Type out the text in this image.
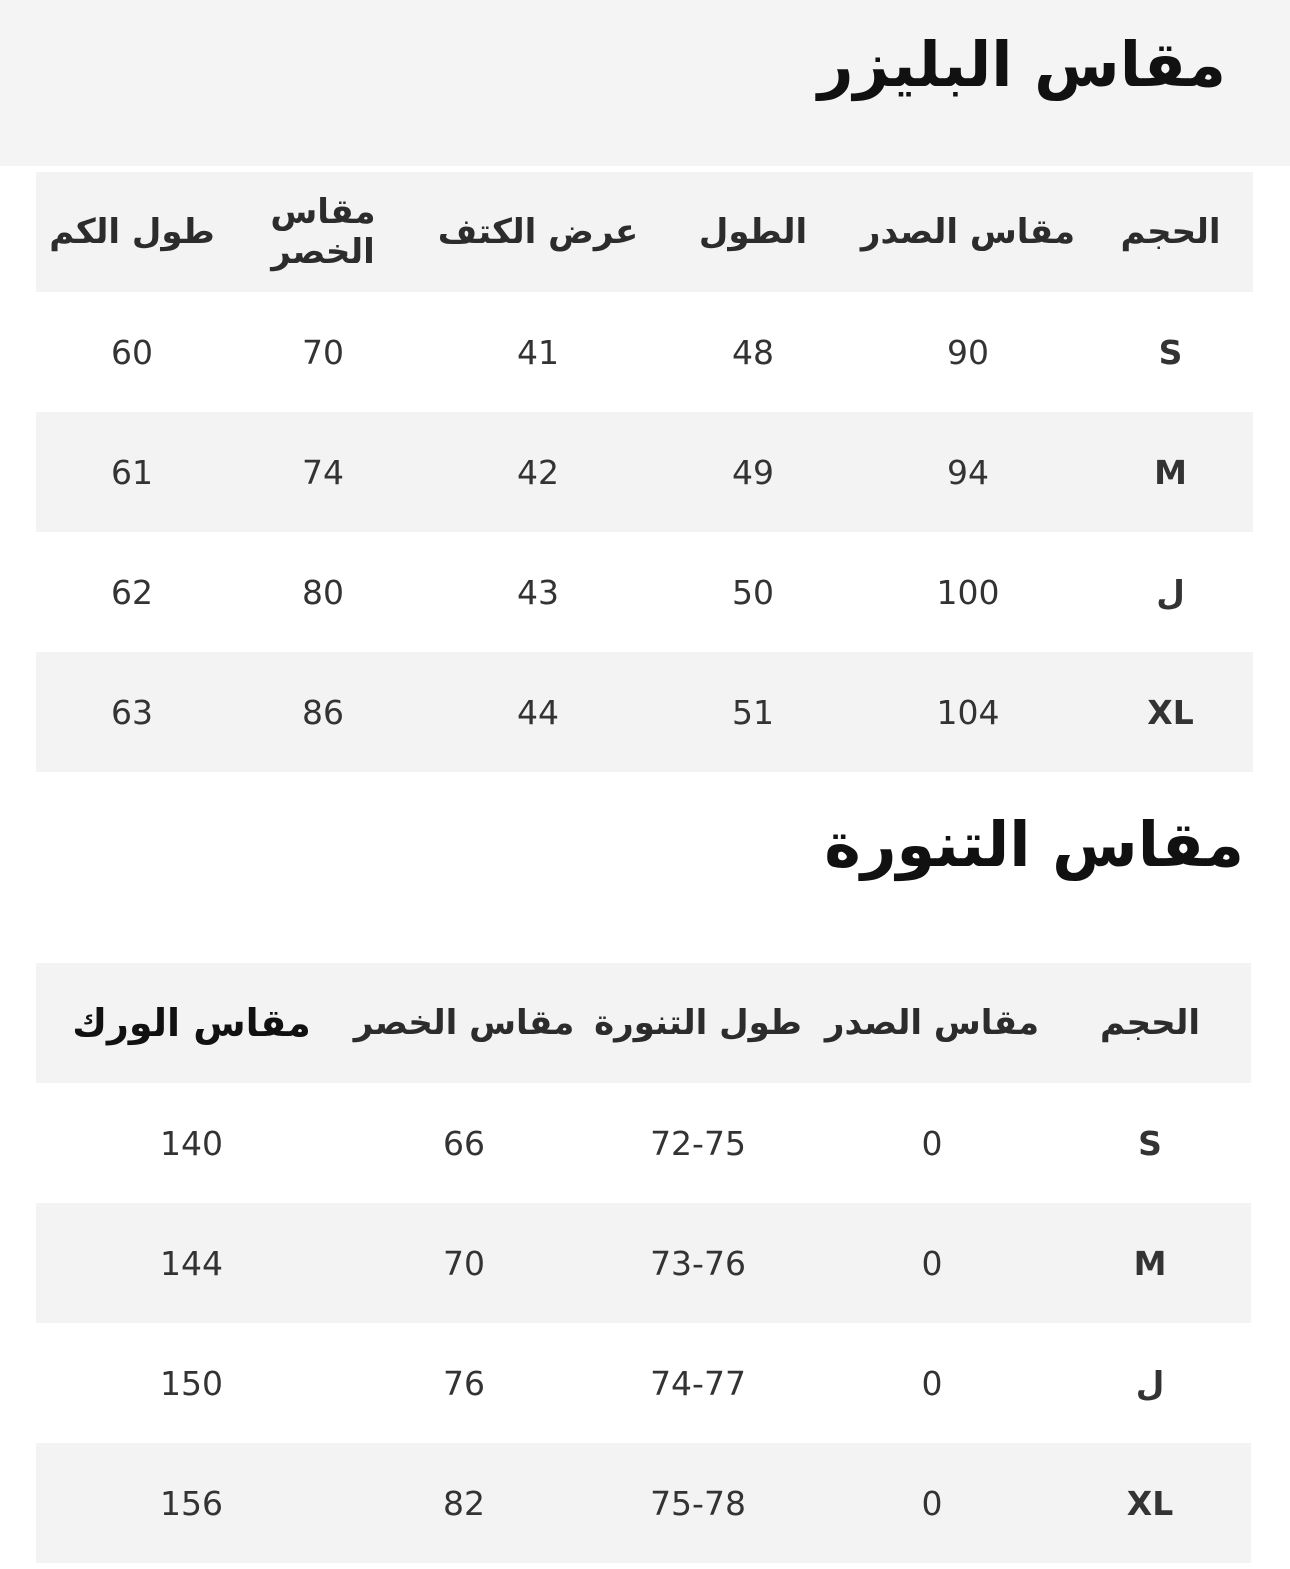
مقاس البليزر
الحجم
مقاس الصدر
الطول
عرض الكتف
مقاس الخصر
طول الكم
S
90
48
41
70
60
M
94
49
42
74
61
ل
100
50
43
80
62
XL
104
51
44
86
63
مقاس التنورة
الحجم
مقاس الصدر
طول التنورة
مقاس الخصر
مقاس الورك
S
0
72-75
66
140
M
0
73-76
70
144
ل
0
74-77
76
150
XL
0
75-78
82
156
